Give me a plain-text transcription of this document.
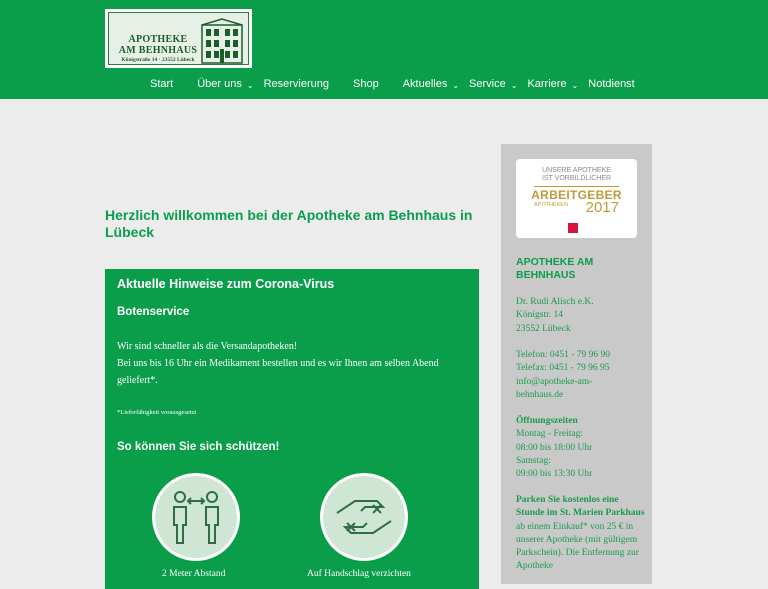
APOTHEKE
AM BEHNHAUS
Königstraße 14 · 23552 Lübeck
Start Über uns ⌄ Reservierung Shop Aktuelles ⌄ Service ⌄ Karriere ⌄ Notdienst
Herzlich willkommen bei der Apotheke am Behnhaus in Lübeck
Aktuelle Hinweise zum Corona-Virus
Botenservice

Wir sind schneller als die Versandapotheken!

Bei uns bis 16 Uhr ein Medikament bestellen und es wir Ihnen am selben Abend geliefert*.

*Lieferfähigkeit vorausgesetzt
So können Sie sich schützen!
2 Meter Abstand	Auf Handschlag verzichten
UNSERE APOTHEKE
IST VORBILDLICHER
ARBEITGEBER
APOTHEKEN 2017
APOTHEKE AM BEHNHAUS
Dr. Rudi Alisch e.K.
Königstr. 14
23552 Lübeck
Telefon: 0451 - 79 96 90
Telefax: 0451 - 79 96 95
info@apotheke-am-
behnhaus.de
Öffnungszeiten
Montag - Freitag:
08:00 bis 18:00 Uhr
Samstag:
09:00 bis 13:30 Uhr
Parken Sie kostenlos eine Stunde im St. Marien Parkhaus ab einem Einkauf* von 25 € in unserer Apotheke (mit gültigem Parkschein). Die Entfernung zur Apotheke
